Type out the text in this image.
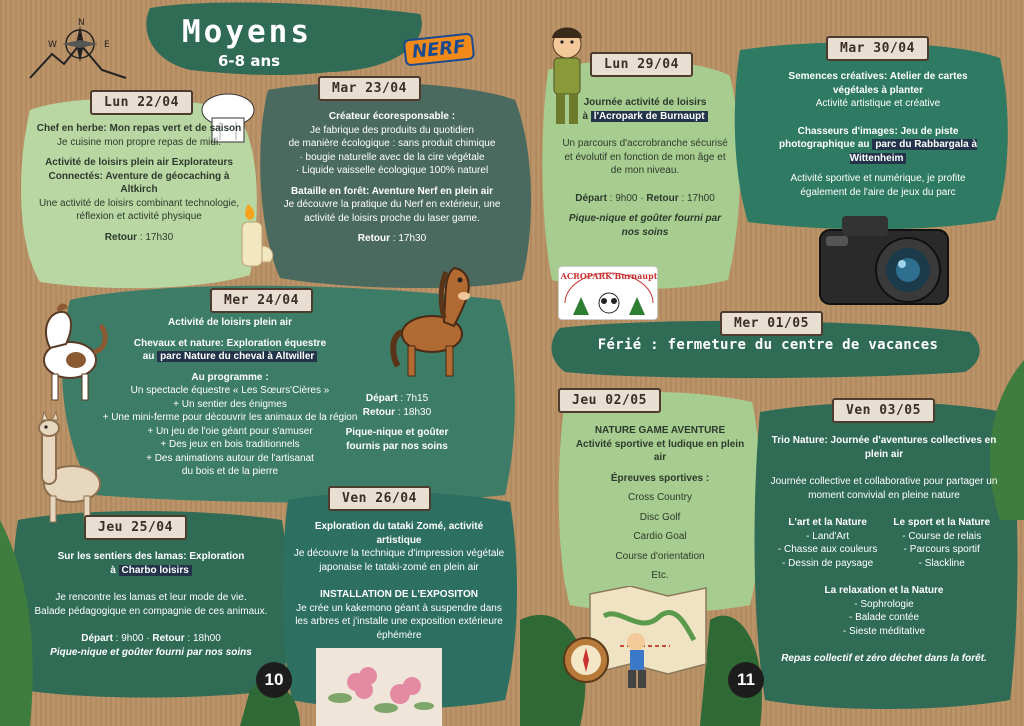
N
W	E Moyens
6-8 ans	NERF
Lun 22/04
Chef en herbe: Mon repas vert et de saison
Je cuisine mon propre repas de midi.
Activité de loisirs plein air Explorateurs Connectés: Aventure de géocaching à Altkirch
Une activité de loisirs combinant technologie, réflexion et activité physique
Retour : 17h30
Mar 23/04
Créateur écoresponsable :
Je fabrique des produits du quotidien
de manière écologique : sans produit chimique
· bougie naturelle avec de la cire végétale
· Liquide vaisselle écologique 100% naturel
Bataille en forêt: Aventure Nerf en plein air
Je découvre la pratique du Nerf en extérieur, une activité de loisirs proche du laser game.
Retour : 17h30
Mer 24/04
Activité de loisirs plein air
Chevaux et nature: Exploration équestre
au parc Nature du cheval à Altwiller
Au programme :
Un spectacle équestre « Les Sœurs'Cières »
+ Un sentier des énigmes
+ Une mini-ferme pour découvrir les animaux de la région
+ Un jeu de l'oie géant pour s'amuser
+ Des jeux en bois traditionnels
+ Des animations autour de l'artisanat
du bois et de la pierre
Départ : 7h15
Retour : 18h30
Pique-nique et goûter fournis par nos soins
Jeu 25/04
Sur les sentiers des lamas: Exploration
à Charbo loisirs
Je rencontre les lamas et leur mode de vie.
Balade pédagogique en compagnie de ces animaux.
Départ : 9h00 · Retour : 18h00
Pique-nique et goûter fourni par nos soins
10
Ven 26/04
Exploration du tataki Zomé, activité artistique
Je découvre la technique d'impression végétale japonaise le tataki-zomé en plein air
INSTALLATION DE L'EXPOSITON
Je crée un kakemono géant à suspendre dans les arbres et j'installe une exposition extérieure éphémère
Lun 29/04
Journée activité de loisirs
à l'Acropark de Burnaupt
Un parcours d'accrobranche sécurisé et évolutif en fonction de mon âge et de mon niveau.
Départ : 9h00 · Retour : 17h00
Pique-nique et goûter fourni par nos soins
ACROPARK'Burnaupt
Mar 30/04
Semences créatives: Atelier de cartes végétales à planter
Activité artistique et créative
Chasseurs d'images: Jeu de piste photographique au parc du Rabbargala à Wittenheim
Activité sportive et numérique, je profite également de l'aire de jeux du parc
Mer 01/05
Férié : fermeture du centre de vacances
Jeu 02/05
NATURE GAME AVENTURE
Activité sportive et ludique en plein air
Épreuves sportives :
Cross Country
Disc Golf
Cardio Goal
Course d'orientation
Etc.
11
Ven 03/05
Trio Nature: Journée d'aventures collectives en plein air
Journée collective et collaborative pour partager un moment convivial en pleine nature
L'art et la Nature
- Land'Art
- Chasse aux couleurs
- Dessin de paysage
Le sport et la Nature
- Course de relais
- Parcours sportif
- Slackline
La relaxation et la Nature
- Sophrologie
- Balade contée
- Sieste méditative
Repas collectif et zéro déchet dans la forêt.
